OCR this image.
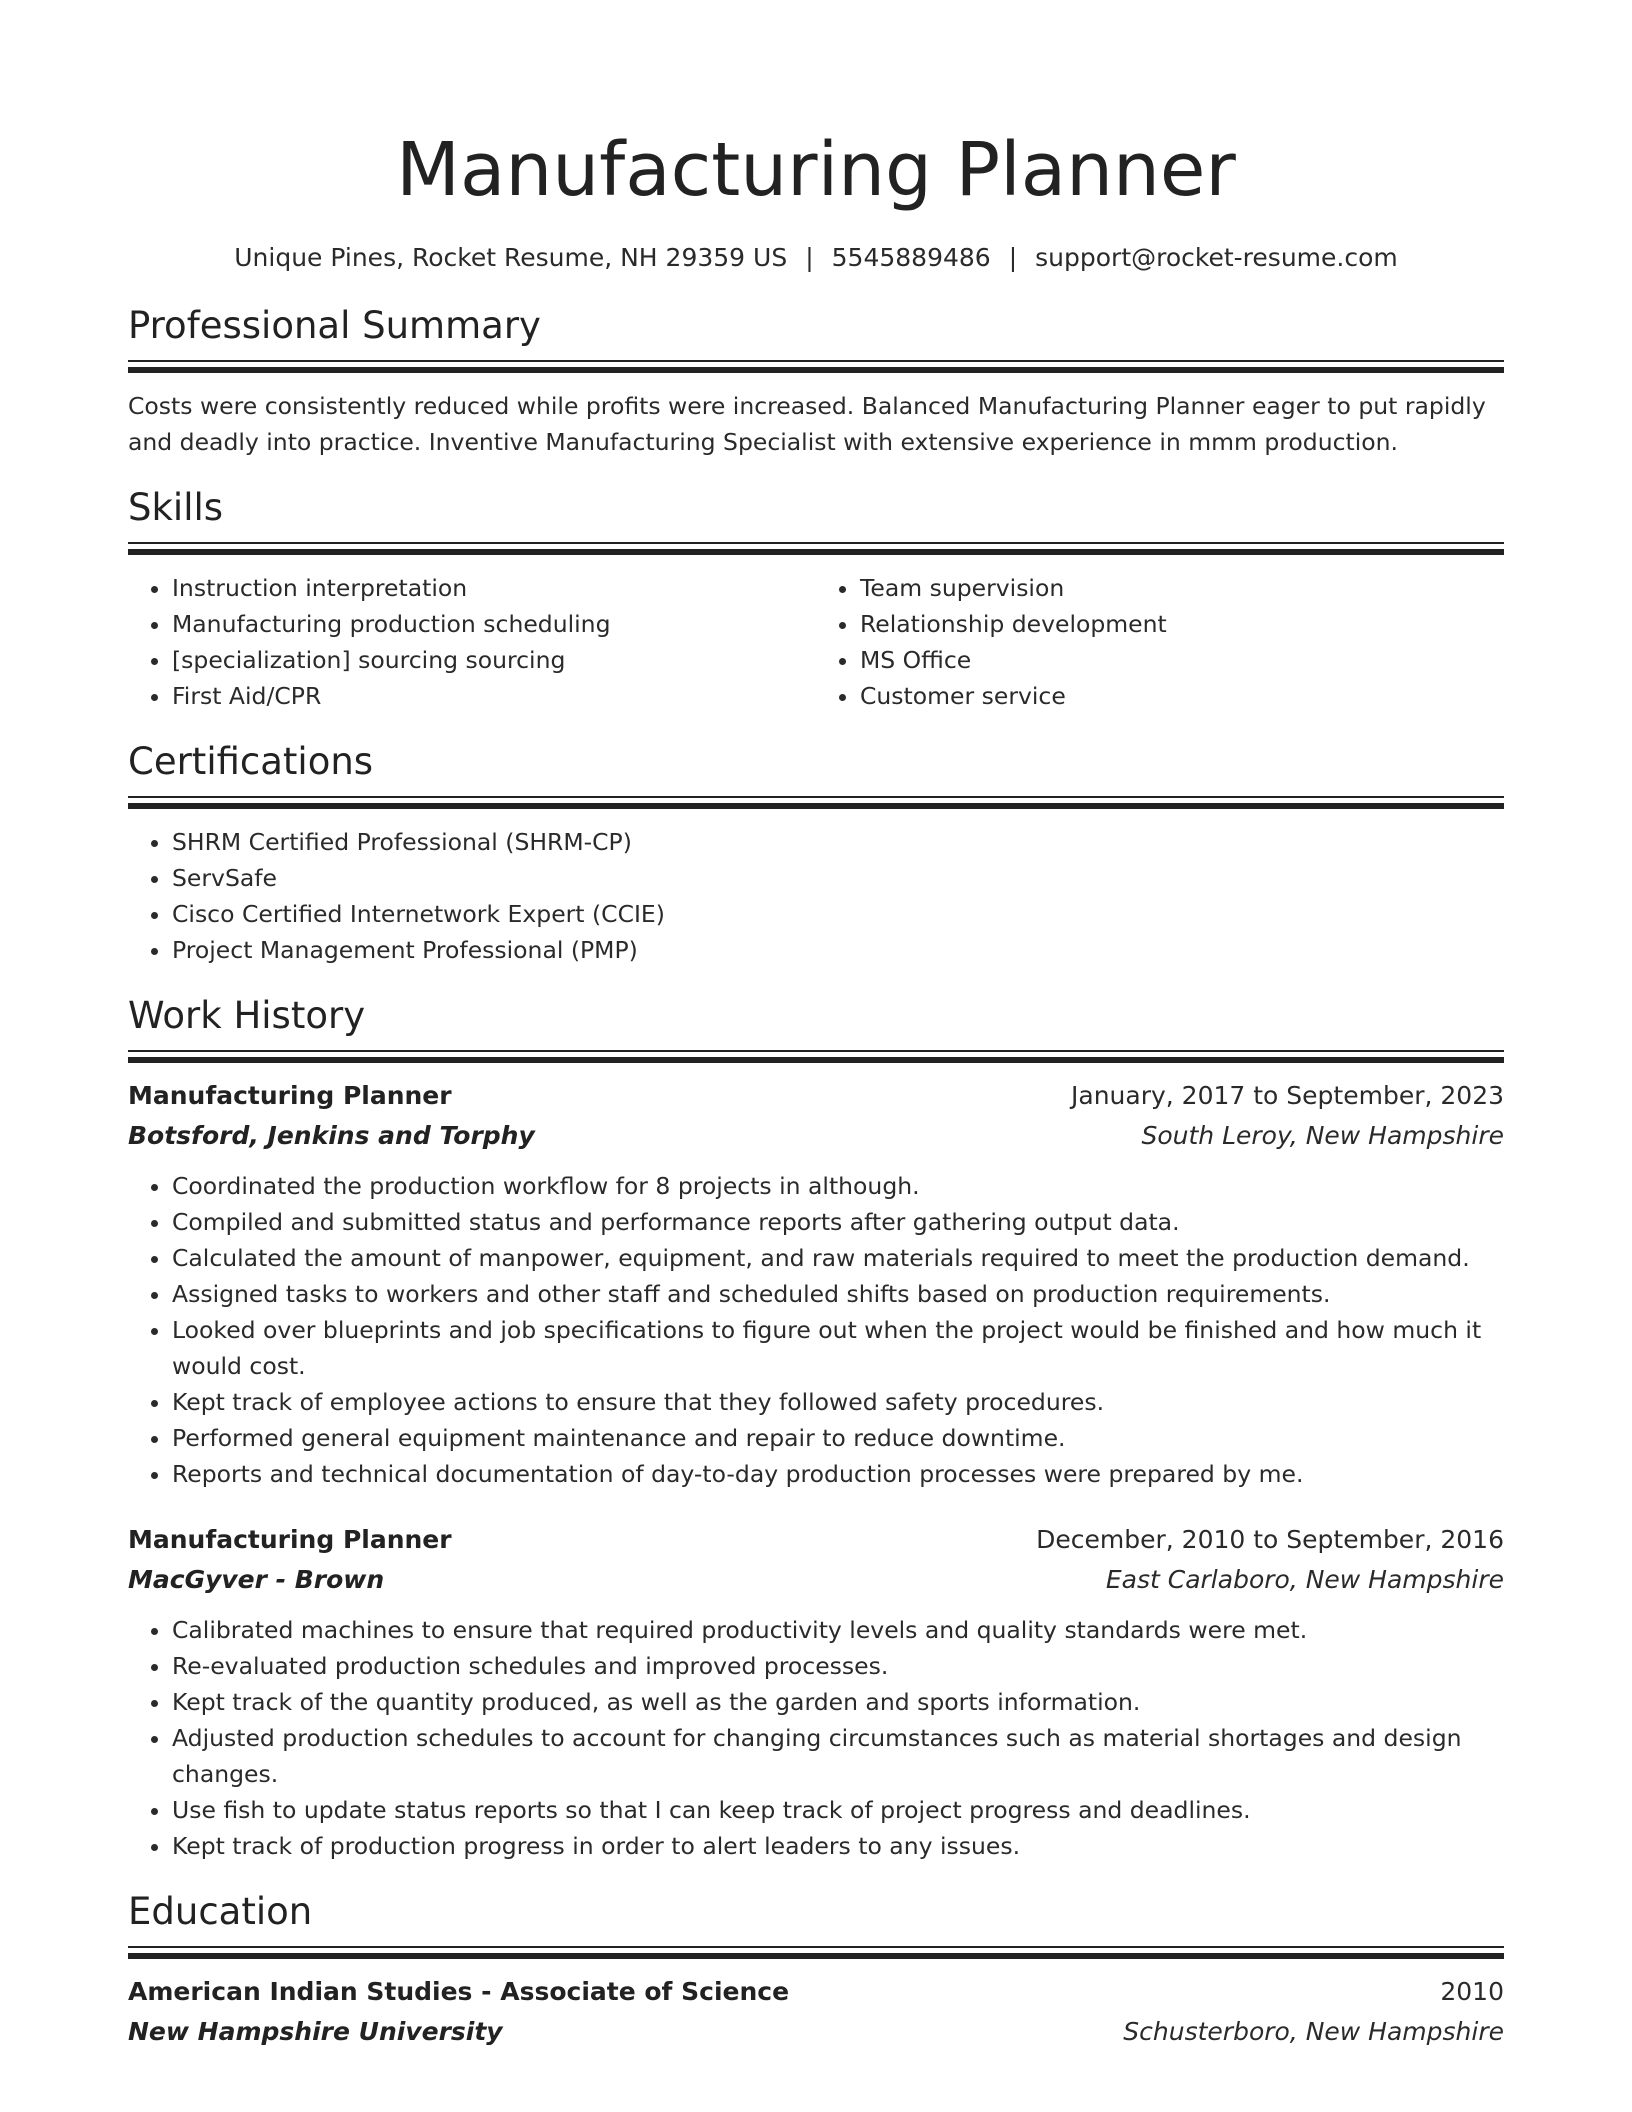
Manufacturing Planner
Unique Pines, Rocket Resume, NH 29359 US | 5545889486 | support@rocket-resume.com
Professional Summary
Costs were consistently reduced while profits were increased. Balanced Manufacturing Planner eager to put rapidly and deadly into practice. Inventive Manufacturing Specialist with extensive experience in mmm production.
Skills
• Instruction interpretation
• Manufacturing production scheduling
• [specialization] sourcing sourcing
• First Aid/CPR
• Team supervision
• Relationship development
• MS Office
• Customer service
Certifications
• SHRM Certified Professional (SHRM-CP)
• ServSafe
• Cisco Certified Internetwork Expert (CCIE)
• Project Management Professional (PMP)
Work History
Manufacturing Planner	January, 2017 to September, 2023
Botsford, Jenkins and Torphy	South Leroy, New Hampshire
• Coordinated the production workflow for 8 projects in although.
• Compiled and submitted status and performance reports after gathering output data.
• Calculated the amount of manpower, equipment, and raw materials required to meet the production demand.
• Assigned tasks to workers and other staff and scheduled shifts based on production requirements.
• Looked over blueprints and job specifications to figure out when the project would be finished and how much it would cost.
• Kept track of employee actions to ensure that they followed safety procedures.
• Performed general equipment maintenance and repair to reduce downtime.
• Reports and technical documentation of day-to-day production processes were prepared by me.
Manufacturing Planner	December, 2010 to September, 2016
MacGyver - Brown	East Carlaboro, New Hampshire
• Calibrated machines to ensure that required productivity levels and quality standards were met.
• Re-evaluated production schedules and improved processes.
• Kept track of the quantity produced, as well as the garden and sports information.
• Adjusted production schedules to account for changing circumstances such as material shortages and design changes.
• Use fish to update status reports so that I can keep track of project progress and deadlines.
• Kept track of production progress in order to alert leaders to any issues.
Education
American Indian Studies - Associate of Science	2010
New Hampshire University	Schusterboro, New Hampshire
